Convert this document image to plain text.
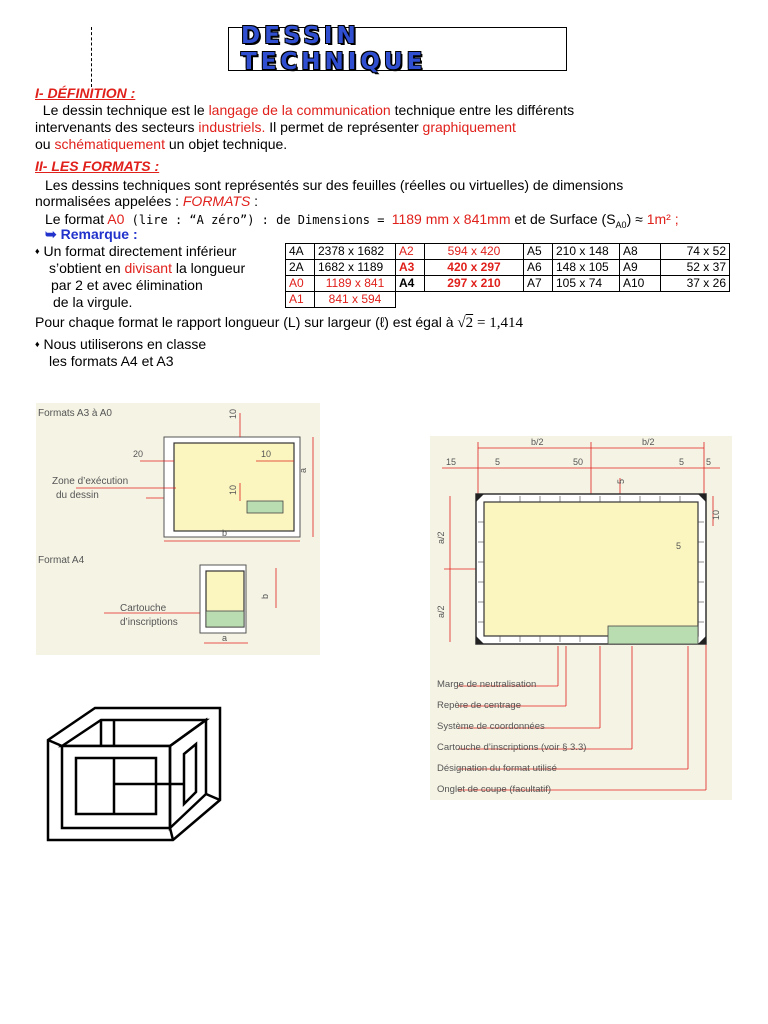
DESSIN TECHNIQUE
I- DÉFINITION :
Le dessin technique est le langage de la communication technique entre les différents
intervenants des secteurs industriels. Il permet de représenter graphiquement
ou schématiquement un objet technique.
II- LES FORMATS :
Les dessins techniques sont représentés sur des feuilles (réelles ou virtuelles) de dimensions
normalisées appelées : FORMATS :
Le format A0 (lire : “A zéro”) : de Dimensions = 1189 mm x 841mm et de Surface $(S_{A0}) \approx 1m^2$ ;
➥ Remarque :
♦ Un format directement inférieur
s’obtient en divisant la longueur
par 2 et avec élimination
de la virgule.
4A	2378 x 1682	A2	594 x 420	A5	210 x 148	A8	74 x 52
2A	1682 x 1189	A3	420 x 297	A6	148 x 105	A9	52 x 37
A0	1189 x 841	A4	297 x 210	A7	105 x 74	A10	37 x 26
A1	841 x 594						
Pour chaque format le rapport longueur (L) sur largeur (ℓ) est égal à √2 = 1,414
♦ Nous utiliserons en classe
les formats A4 et A3
Formats A3 à A0
Format A4
Zone d’exécution
du dessin
Cartouche
d’inscriptions
10
20	10
10
a
b
b
a
b/2	b/2
15	5	50	5 5
5
10
5
a/2
a/2
Marge de neutralisation
Repère de centrage
Système de coordonnées
Cartouche d’inscriptions (voir § 3.3)
Désignation du format utilisé
Onglet de coupe (facultatif)
